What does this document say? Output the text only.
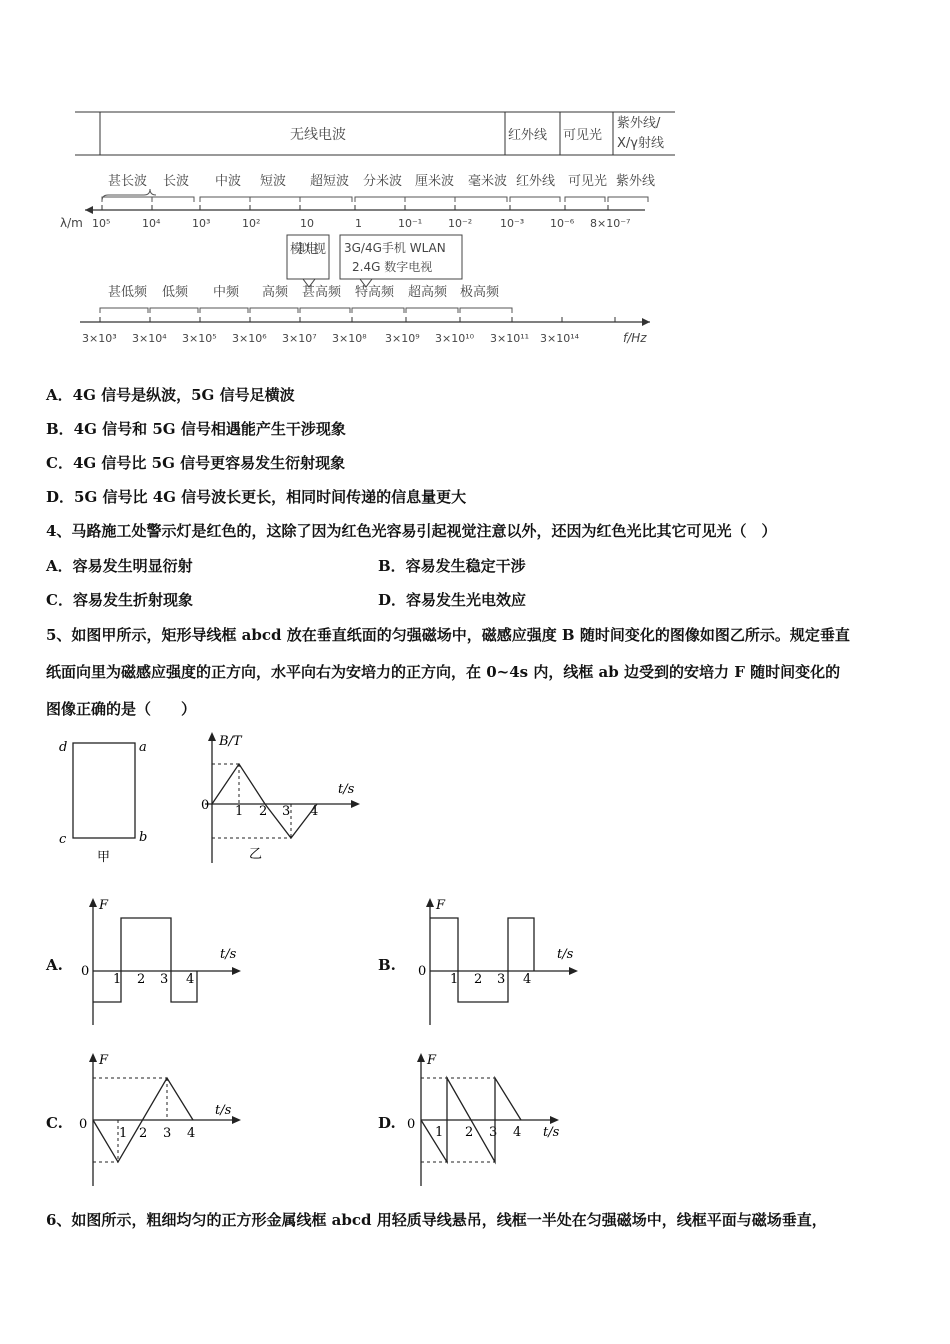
无线电波	红外线 可见光
紫外线/
X/γ射线
甚长波 长波 中波 短波 超短波 分米波 厘米波 毫米波 红外线 可见光 紫外线
λ/m 10⁵	10⁴	10³	10²	10	1	10⁻¹ 10⁻²	10⁻³ 10⁻⁶ 8×10⁻⁷
模拟电视 3G/4G手机 WLAN
2.4G 数字电视
甚低频 低频 中频 高频 甚高频 特高频 超高频 极高频
3×10³ 3×10⁴ 3×10⁵ 3×10⁶ 3×10⁷ 3×10⁸ 3×10⁹ 3×10¹⁰ 3×10¹¹ 3×10¹⁴	f/Hz
A．4G 信号是纵波，5G 信号足横波
B．4G 信号和 5G 信号相遇能产生干涉现象
C．4G 信号比 5G 信号更容易发生衍射现象
D．5G 信号比 4G 信号波长更长，相同时间传递的信息量更大
4、马路施工处警示灯是红色的，这除了因为红色光容易引起视觉注意以外，还因为红色光比其它可见光（　）
A．容易发生明显衍射	B．容易发生稳定干涉
C．容易发生折射现象	D．容易发生光电效应
5、如图甲所示，矩形导线框 abcd 放在垂直纸面的匀强磁场中，磁感应强度 B 随时间变化的图像如图乙所示。规定垂直
纸面向里为磁感应强度的正方向，水平向右为安培力的正方向，在 0~4s 内，线框 ab 边受到的安培力 F 随时间变化的
图像正确的是（　　）
d	a
c	b
甲
B/T
t/s
0 1 2 3 4
乙
A.
F
t/s
0
1 2 3 4
B.
F
t/s
0
1 2 3 4
C.
F
t/s
0
1 2 3 4
D.
F
t/s
0
1 2 3 4
6、如图所示，粗细均匀的正方形金属线框 abcd 用轻质导线悬吊，线框一半处在匀强磁场中，线框平面与磁场垂直，
